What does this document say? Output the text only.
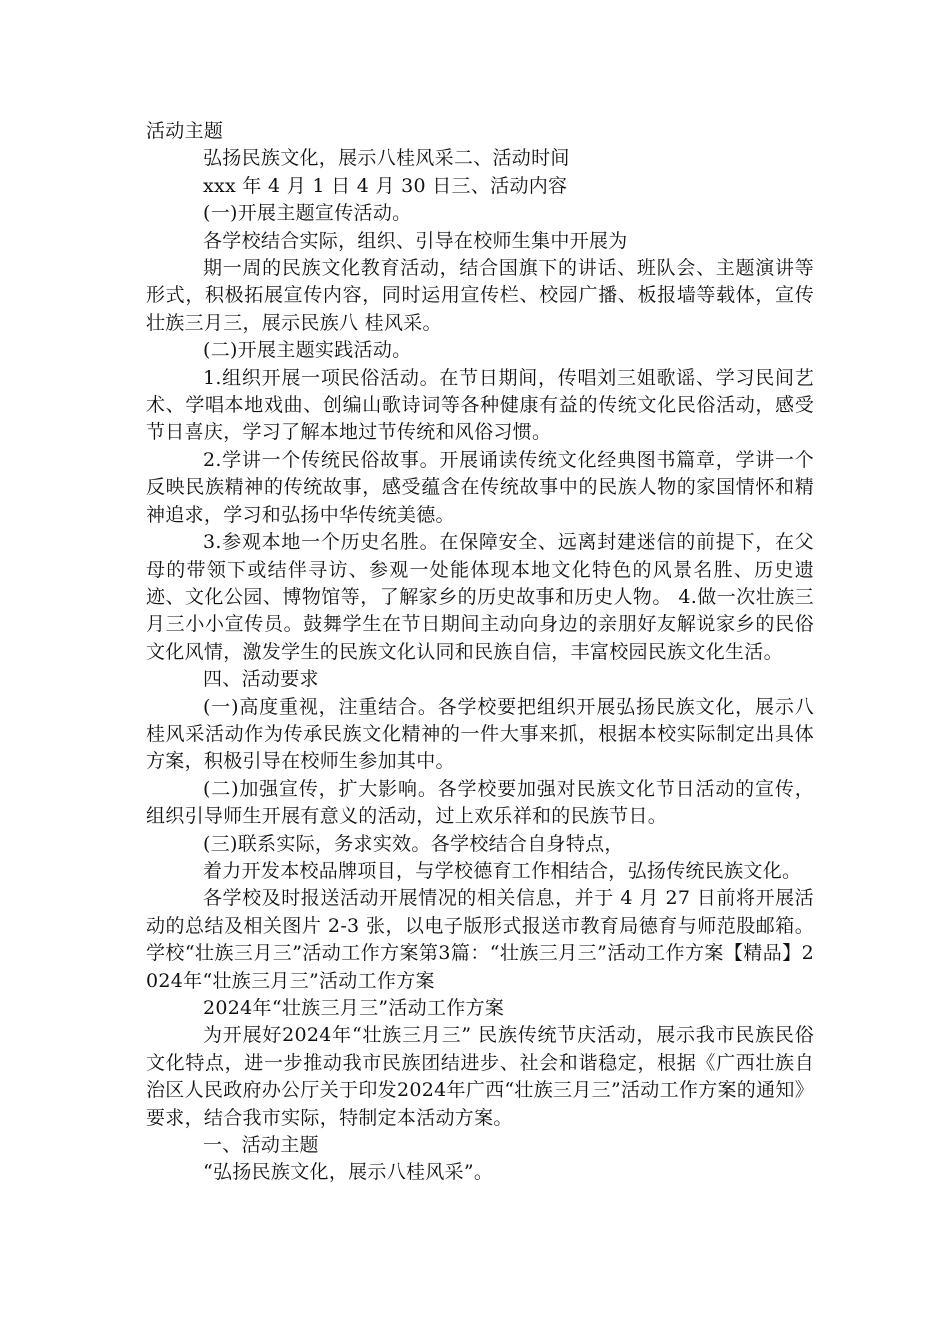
活动主题

弘扬民族文化，展示八桂风采二、活动时间

xxx 年 4 月 1 日 4 月 30 日三、活动内容

(一)开展主题宣传活动。

各学校结合实际，组织、引导在校师生集中开展为

期一周的民族文化教育活动，结合国旗下的讲话、班队会、主题演讲等形式，积极拓展宣传内容，同时运用宣传栏、校园广播、板报墙等载体，宣传壮族三月三，展示民族八 桂风采。

(二)开展主题实践活动。

1.组织开展一项民俗活动。在节日期间，传唱刘三姐歌谣、学习民间艺术、学唱本地戏曲、创编山歌诗词等各种健康有益的传统文化民俗活动，感受节日喜庆，学习了解本地过节传统和风俗习惯。

2.学讲一个传统民俗故事。开展诵读传统文化经典图书篇章，学讲一个反映民族精神的传统故事，感受蕴含在传统故事中的民族人物的家国情怀和精神追求，学习和弘扬中华传统美德。

3.参观本地一个历史名胜。在保障安全、远离封建迷信的前提下，在父母的带领下或结伴寻访、参观一处能体现本地文化特色的风景名胜、历史遗迹、文化公园、博物馆等，了解家乡的历史故事和历史人物。 4.做一次壮族三月三小小宣传员。鼓舞学生在节日期间主动向身边的亲朋好友解说家乡的民俗文化风情，激发学生的民族文化认同和民族自信，丰富校园民族文化生活。

四、活动要求

(一)高度重视，注重结合。各学校要把组织开展弘扬民族文化，展示八桂风采活动作为传承民族文化精神的一件大事来抓，根据本校实际制定出具体方案，积极引导在校师生参加其中。

(二)加强宣传，扩大影响。各学校要加强对民族文化节日活动的宣传，组织引导师生开展有意义的活动，过上欢乐祥和的民族节日。

(三)联系实际，务求实效。各学校结合自身特点，

着力开发本校品牌项目，与学校德育工作相结合，弘扬传统民族文化。

各学校及时报送活动开展情况的相关信息，并于 4 月 27 日前将开展活动的总结及相关图片 2-3 张，以电子版形式报送市教育局德育与师范股邮箱。 学校“壮族三月三”活动工作方案第3篇：“壮族三月三”活动工作方案【精品】2024年“壮族三月三”活动工作方案

2024年“壮族三月三”活动工作方案

为开展好2024年“壮族三月三” 民族传统节庆活动，展示我市民族民俗文化特点，进一步推动我市民族团结进步、社会和谐稳定，根据《广西壮族自治区人民政府办公厅关于印发2024年广西“壮族三月三”活动工作方案的通知》要求，结合我市实际，特制定本活动方案。

一、活动主题

“弘扬民族文化，展示八桂风采”。
